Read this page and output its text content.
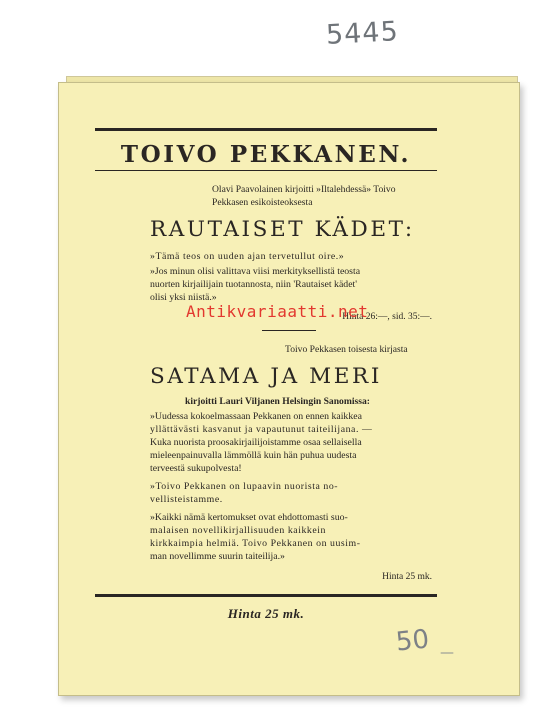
5445
TOIVO PEKKANEN.
Olavi Paavolainen kirjoitti »Iltalehdessä» Toivo
Pekkasen esikoisteoksesta
RAUTAISET KÄDET:
»Tämä teos on uuden ajan tervetullut oire.»
»Jos minun olisi valittava viisi merkityksellistä teosta
nuorten kirjailijain tuotannosta, niin 'Rautaiset kädet'
olisi yksi niistä.»
Hinta 26:—, sid. 35:—.
Toivo Pekkasen toisesta kirjasta
SATAMA JA MERI
kirjoitti Lauri Viljanen Helsingin Sanomissa:
»Uudessa kokoelmassaan Pekkanen on ennen kaikkea
yllättävästi kasvanut ja vapautunut taiteilijana. —
Kuka nuorista proosakirjailijoistamme osaa sellaisella
mieleenpainuvalla lämmöllä kuin hän puhua uudesta
terveestä sukupolvesta!
»Toivo Pekkanen on lupaavin nuorista no-
vellisteistamme.
»Kaikki nämä kertomukset ovat ehdottomasti suo-
malaisen novellikirjallisuuden kaikkein
kirkkaimpia helmiä. Toivo Pekkanen on uusim-
man novellimme suurin taiteilija.»
Hinta 25 mk.
Hinta 25 mk.
Antikvariaatti.net
50 —
